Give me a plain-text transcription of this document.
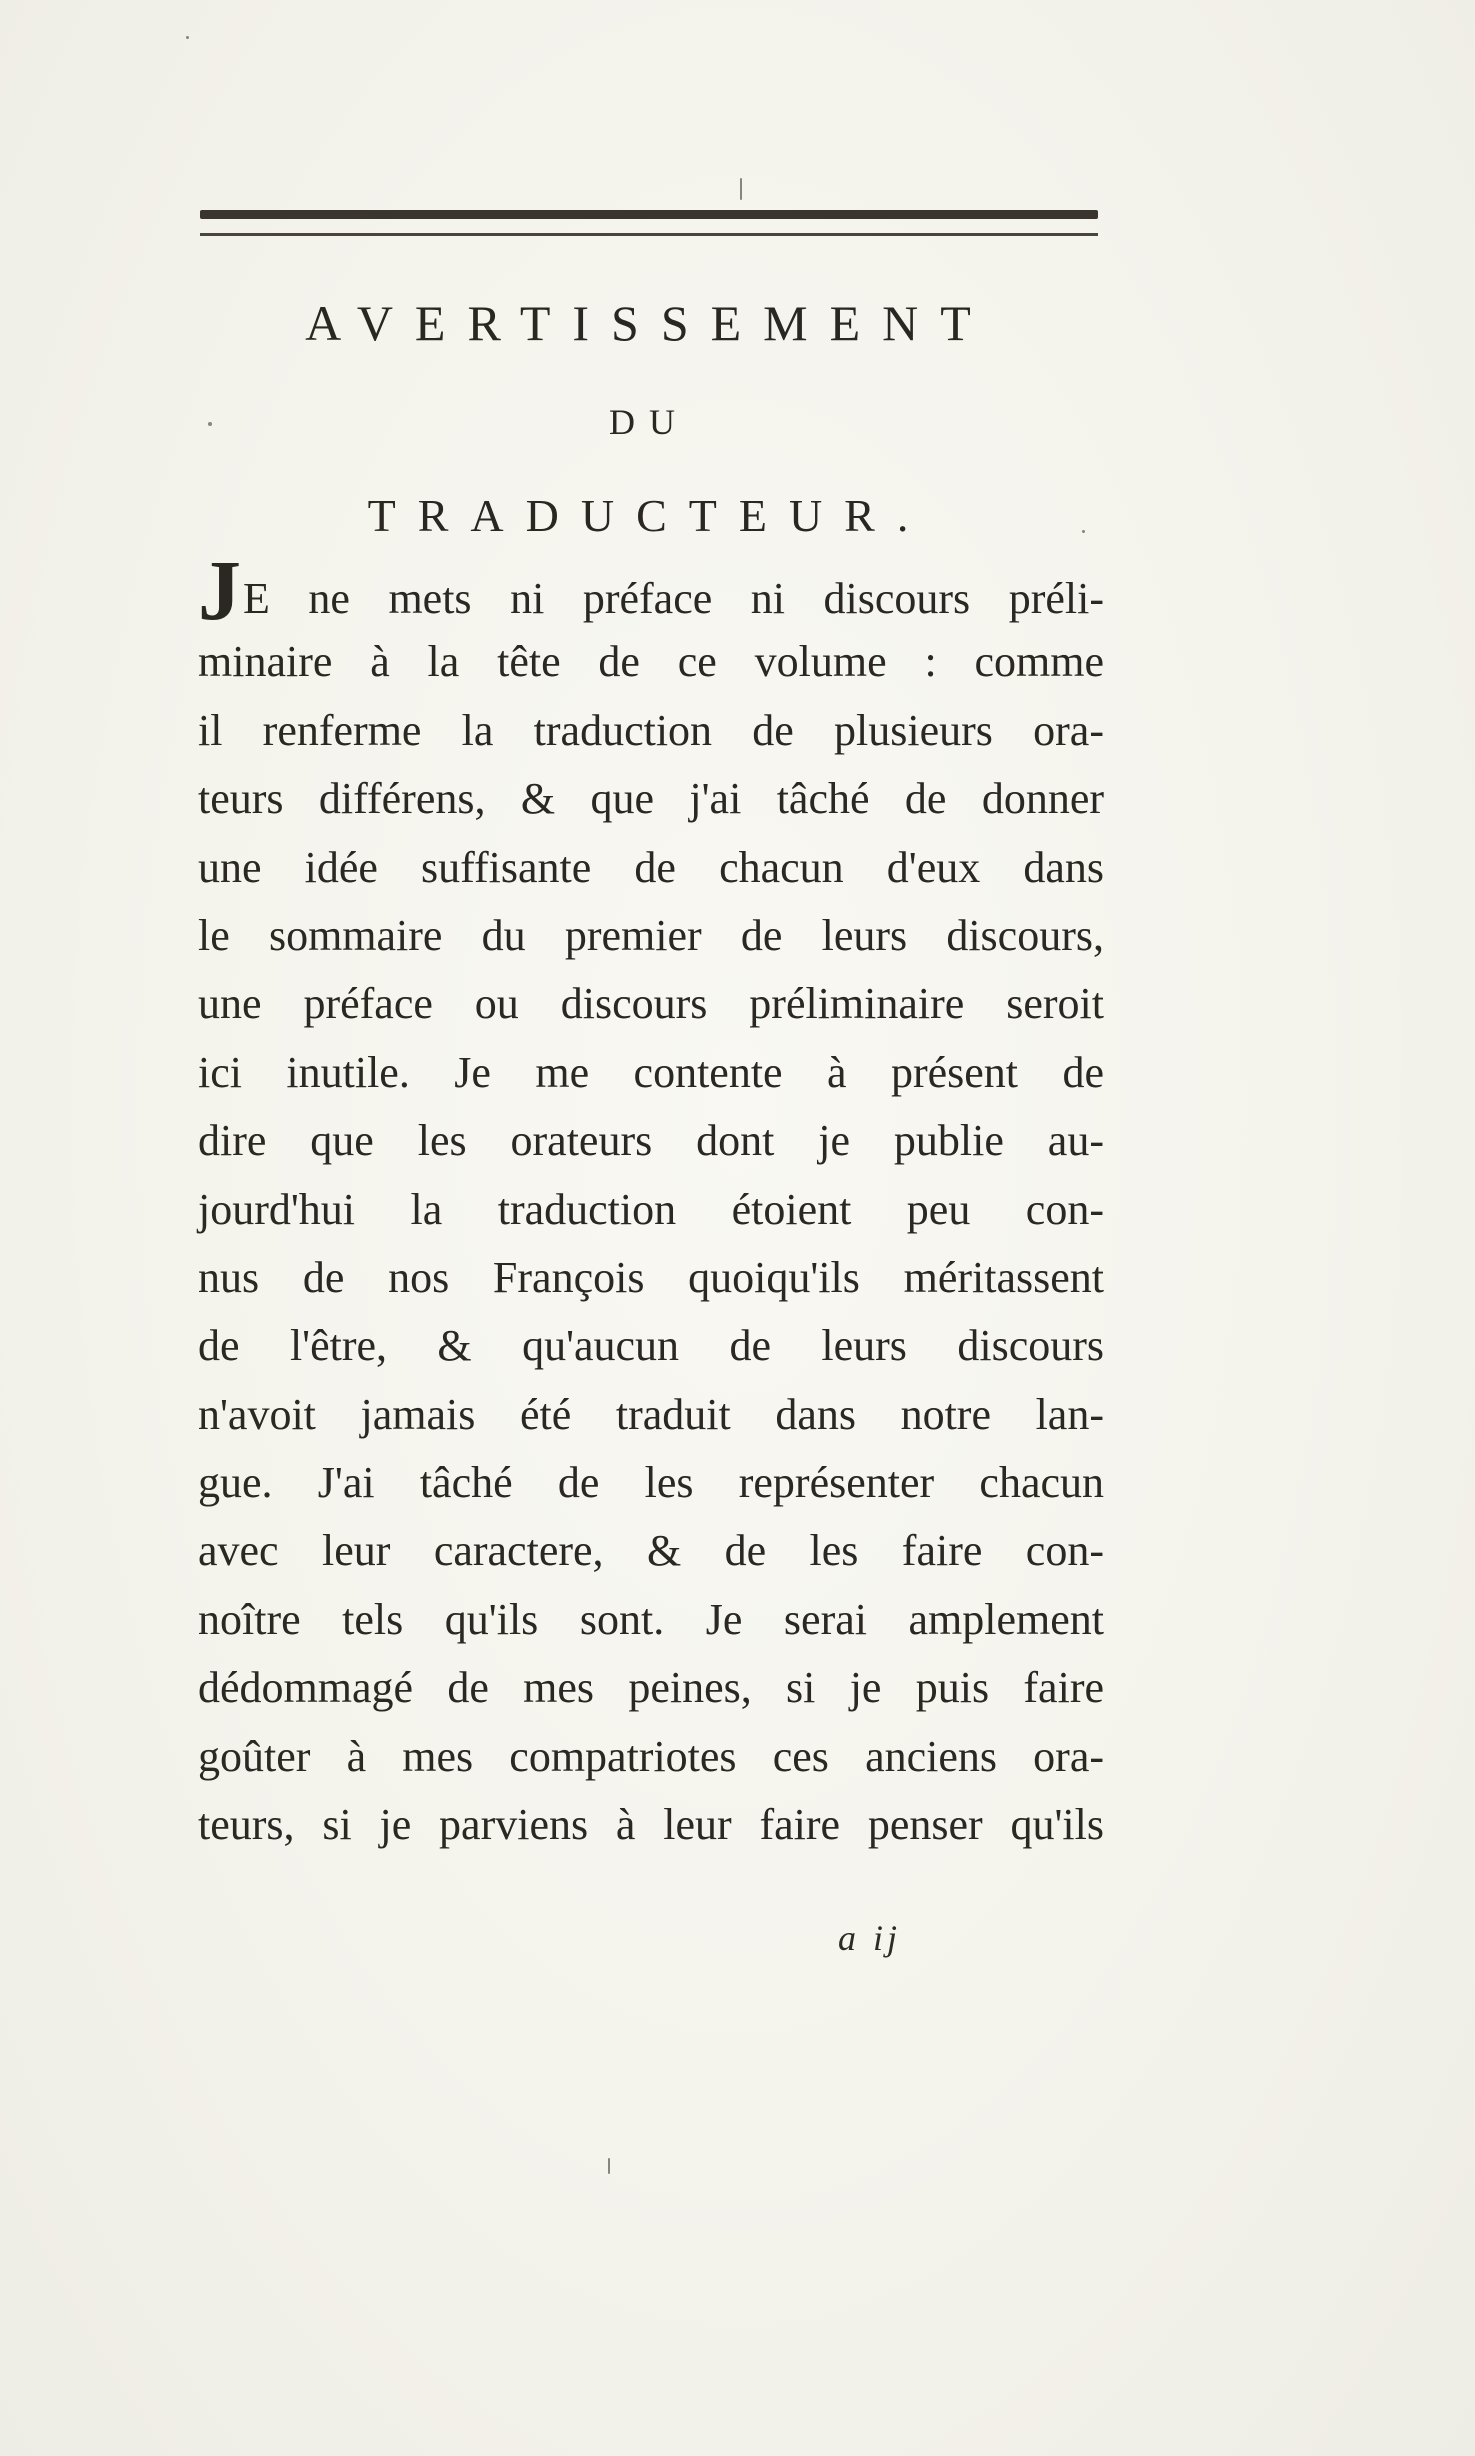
AVERTISSEMENT
DU
TRADUCTEUR.
JE ne mets ni préface ni discours préli-
minaire à la tête de ce volume : comme
il renferme la traduction de plusieurs ora-
teurs différens, & que j'ai tâché de donner
une idée suffisante de chacun d'eux dans
le sommaire du premier de leurs discours,
une préface ou discours préliminaire seroit
ici inutile. Je me contente à présent de
dire que les orateurs dont je publie au-
jourd'hui la traduction étoient peu con-
nus de nos François quoiqu'ils méritassent
de l'être, & qu'aucun de leurs discours
n'avoit jamais été traduit dans notre lan-
gue. J'ai tâché de les représenter chacun
avec leur caractere, & de les faire con-
noître tels qu'ils sont. Je serai amplement
dédommagé de mes peines, si je puis faire
goûter à mes compatriotes ces anciens ora-
teurs, si je parviens à leur faire penser qu'ils
a ij
